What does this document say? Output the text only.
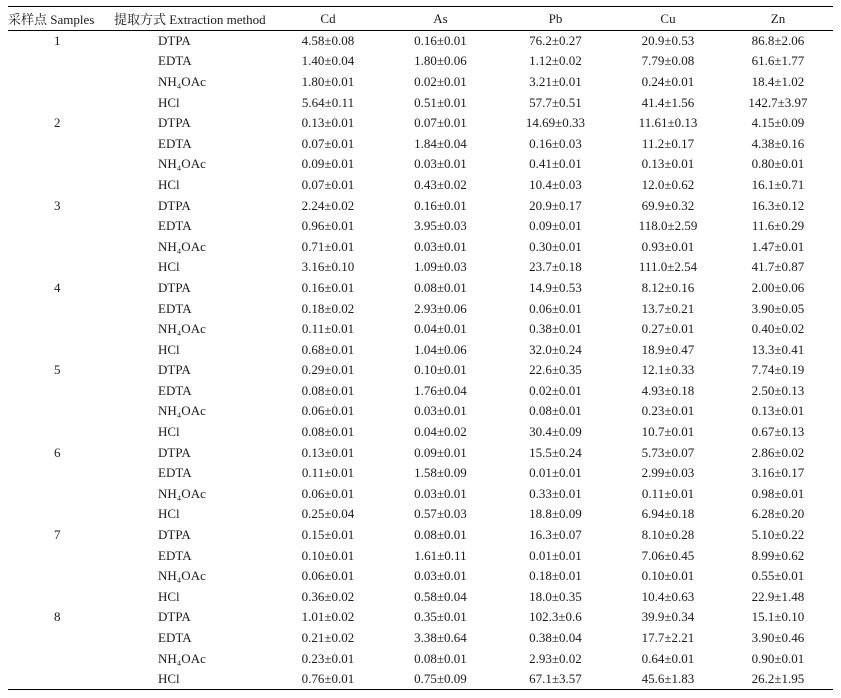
采样点 Samples	提取方式 Extraction method	Cd	As	Pb	Cu	Zn
1	DTPA	4.58±0.08	0.16±0.01	76.2±0.27	20.9±0.53	86.8±2.06
	EDTA	1.40±0.04	1.80±0.06	1.12±0.02	7.79±0.08	61.6±1.77
	NH₄OAc	1.80±0.01	0.02±0.01	3.21±0.01	0.24±0.01	18.4±1.02
	HCl	5.64±0.11	0.51±0.01	57.7±0.51	41.4±1.56	142.7±3.97
2	DTPA	0.13±0.01	0.07±0.01	14.69±0.33	11.61±0.13	4.15±0.09
	EDTA	0.07±0.01	1.84±0.04	0.16±0.03	11.2±0.17	4.38±0.16
	NH₄OAc	0.09±0.01	0.03±0.01	0.41±0.01	0.13±0.01	0.80±0.01
	HCl	0.07±0.01	0.43±0.02	10.4±0.03	12.0±0.62	16.1±0.71
3	DTPA	2.24±0.02	0.16±0.01	20.9±0.17	69.9±0.32	16.3±0.12
	EDTA	0.96±0.01	3.95±0.03	0.09±0.01	118.0±2.59	11.6±0.29
	NH₄OAc	0.71±0.01	0.03±0.01	0.30±0.01	0.93±0.01	1.47±0.01
	HCl	3.16±0.10	1.09±0.03	23.7±0.18	111.0±2.54	41.7±0.87
4	DTPA	0.16±0.01	0.08±0.01	14.9±0.53	8.12±0.16	2.00±0.06
	EDTA	0.18±0.02	2.93±0.06	0.06±0.01	13.7±0.21	3.90±0.05
	NH₄OAc	0.11±0.01	0.04±0.01	0.38±0.01	0.27±0.01	0.40±0.02
	HCl	0.68±0.01	1.04±0.06	32.0±0.24	18.9±0.47	13.3±0.41
5	DTPA	0.29±0.01	0.10±0.01	22.6±0.35	12.1±0.33	7.74±0.19
	EDTA	0.08±0.01	1.76±0.04	0.02±0.01	4.93±0.18	2.50±0.13
	NH₄OAc	0.06±0.01	0.03±0.01	0.08±0.01	0.23±0.01	0.13±0.01
	HCl	0.08±0.01	0.04±0.02	30.4±0.09	10.7±0.01	0.67±0.13
6	DTPA	0.13±0.01	0.09±0.01	15.5±0.24	5.73±0.07	2.86±0.02
	EDTA	0.11±0.01	1.58±0.09	0.01±0.01	2.99±0.03	3.16±0.17
	NH₄OAc	0.06±0.01	0.03±0.01	0.33±0.01	0.11±0.01	0.98±0.01
	HCl	0.25±0.04	0.57±0.03	18.8±0.09	6.94±0.18	6.28±0.20
7	DTPA	0.15±0.01	0.08±0.01	16.3±0.07	8.10±0.28	5.10±0.22
	EDTA	0.10±0.01	1.61±0.11	0.01±0.01	7.06±0.45	8.99±0.62
	NH₄OAc	0.06±0.01	0.03±0.01	0.18±0.01	0.10±0.01	0.55±0.01
	HCl	0.36±0.02	0.58±0.04	18.0±0.35	10.4±0.63	22.9±1.48
8	DTPA	1.01±0.02	0.35±0.01	102.3±0.6	39.9±0.34	15.1±0.10
	EDTA	0.21±0.02	3.38±0.64	0.38±0.04	17.7±2.21	3.90±0.46
	NH₄OAc	0.23±0.01	0.08±0.01	2.93±0.02	0.64±0.01	0.90±0.01
	HCl	0.76±0.01	0.75±0.09	67.1±3.57	45.6±1.83	26.2±1.95
